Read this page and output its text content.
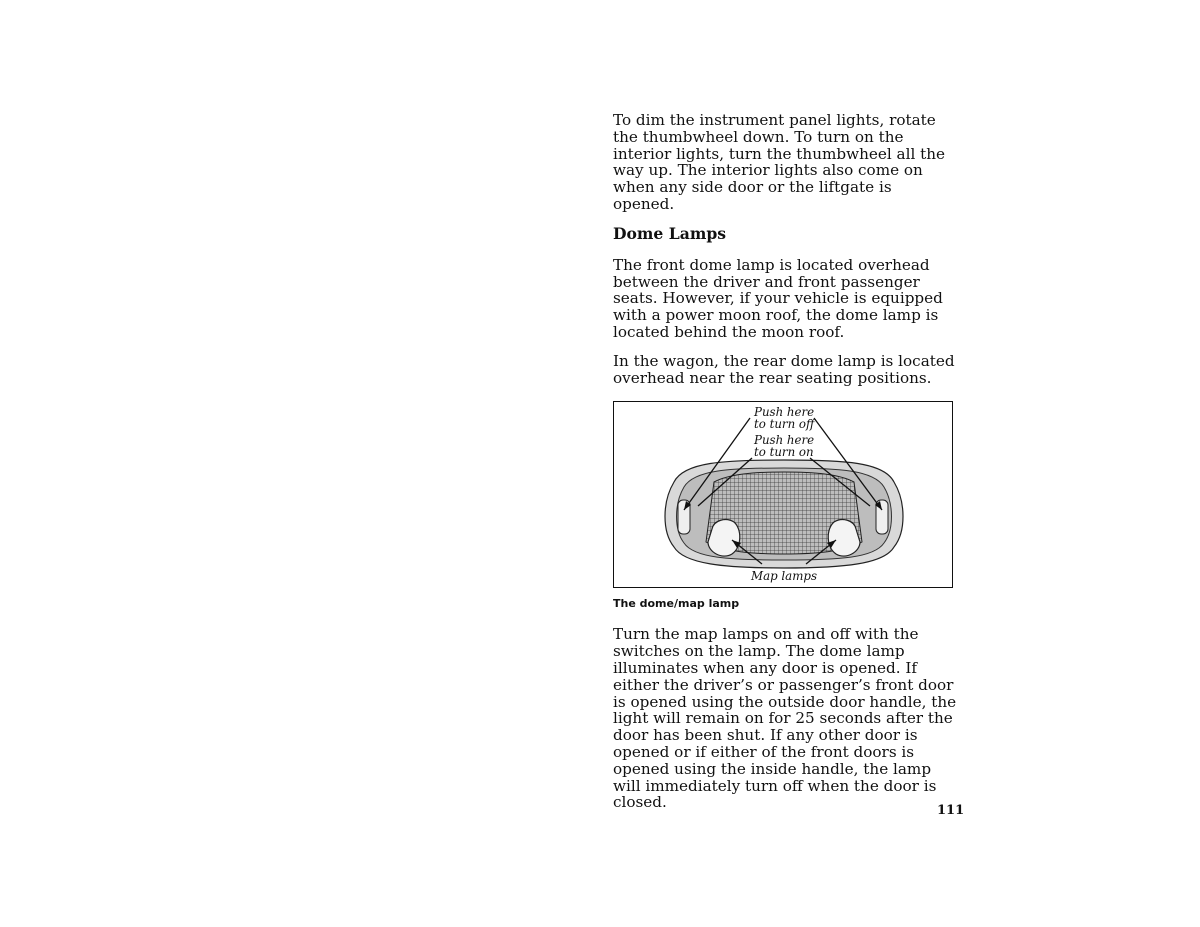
To dim the instrument panel lights, rotate the thumbwheel down. To turn on the interior lights, turn the thumbwheel all the way up. The interior lights also come on when any side door or the liftgate is opened.

Dome Lamps

The front dome lamp is located overhead between the driver and front passenger seats. However, if your vehicle is equipped with a power moon roof, the dome lamp is located behind the moon roof.

In the wagon, the rear dome lamp is located overhead near the rear seating positions.

Push here
to turn off
Push here
to turn on
Map lamps
The dome/map lamp

Turn the map lamps on and off with the switches on the lamp. The dome lamp illuminates when any door is opened. If either the driver’s or passenger’s front door is opened using the outside door handle, the light will remain on for 25 seconds after the door has been shut. If any other door is opened or if either of the front doors is opened using the inside handle, the lamp will immediately turn off when the door is closed.	111
